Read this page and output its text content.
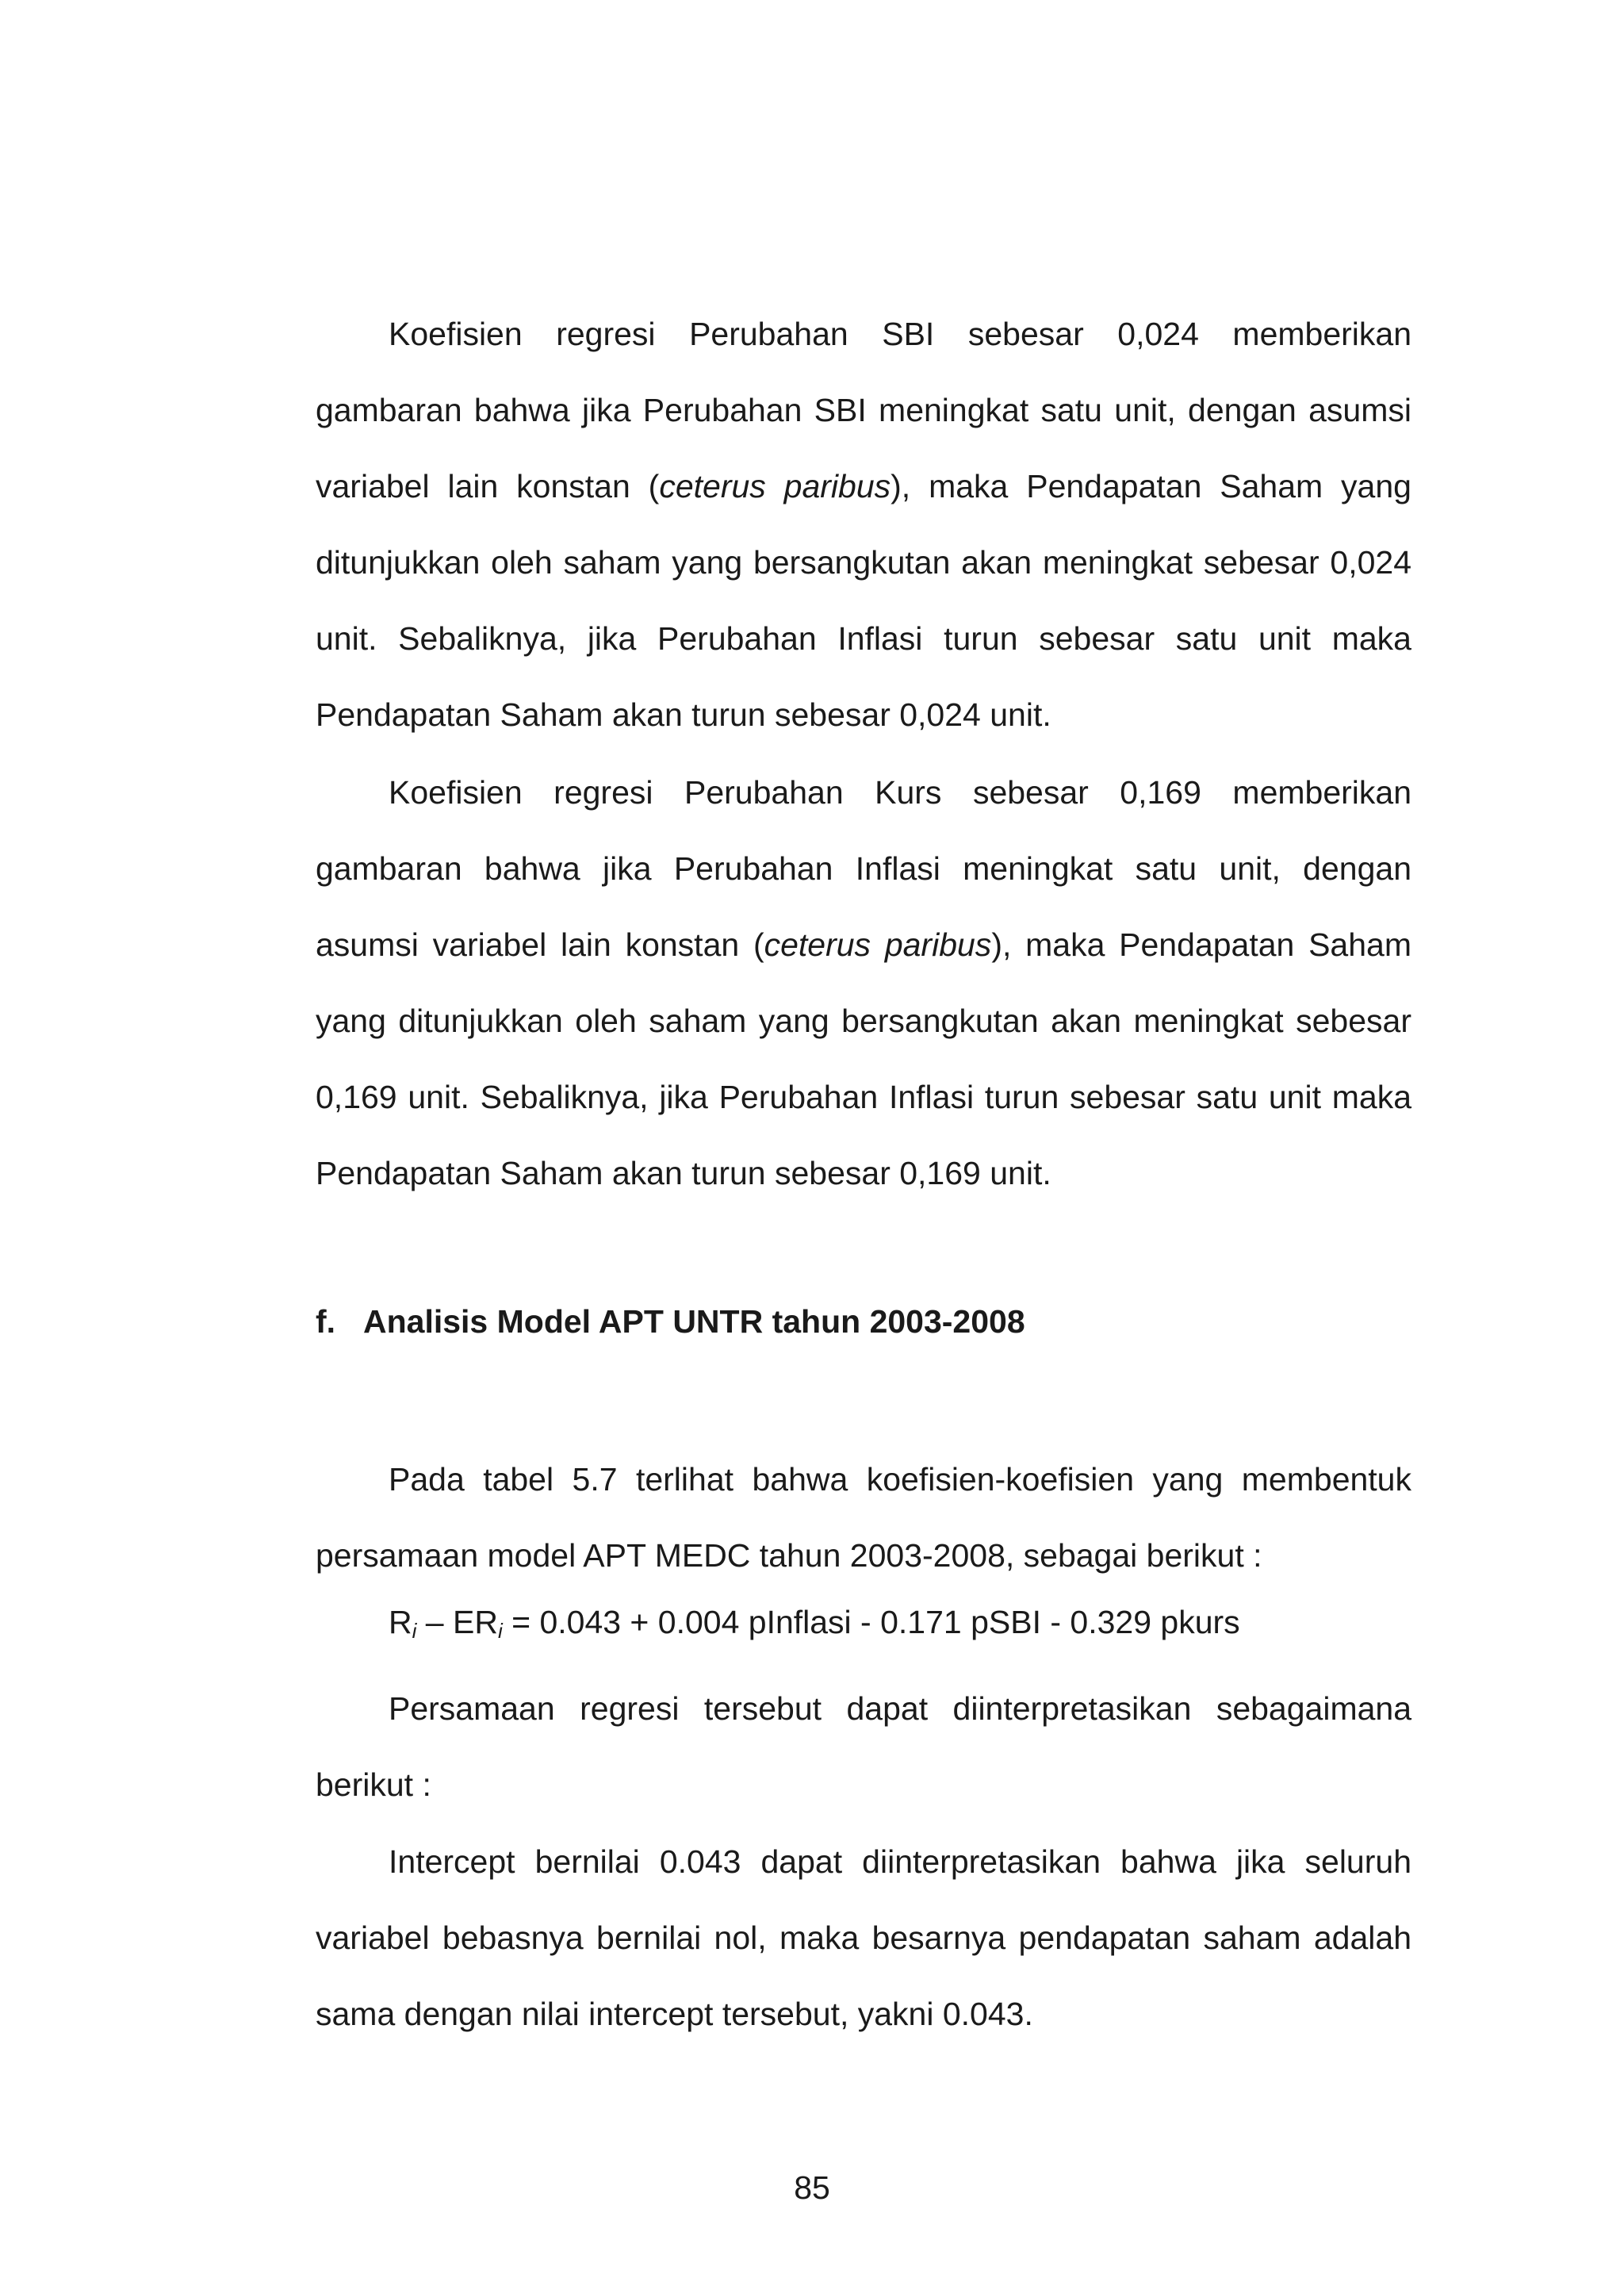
Koefisien regresi Perubahan SBI sebesar 0,024 memberikan gambaran bahwa jika Perubahan SBI meningkat satu unit, dengan asumsi variabel lain konstan (ceterus paribus), maka Pendapatan Saham yang ditunjukkan oleh saham yang bersangkutan akan meningkat sebesar 0,024 unit. Sebaliknya, jika Perubahan Inflasi turun sebesar satu unit maka Pendapatan Saham akan turun sebesar 0,024 unit.

Koefisien regresi Perubahan Kurs sebesar 0,169 memberikan gambaran bahwa jika Perubahan Inflasi meningkat satu unit, dengan asumsi variabel lain konstan (ceterus paribus), maka Pendapatan Saham yang ditunjukkan oleh saham yang bersangkutan akan meningkat sebesar 0,169 unit. Sebaliknya, jika Perubahan Inflasi turun sebesar satu unit maka Pendapatan Saham akan turun sebesar 0,169 unit.

f. Analisis Model APT UNTR tahun 2003-2008

Pada tabel 5.7 terlihat bahwa koefisien-koefisien yang membentuk persamaan model APT MEDC tahun 2003-2008, sebagai berikut :

$R_i - ER_i = 0.043 + 0.004$ pInflasi - 0.171 pSBI - 0.329 pkurs

Persamaan regresi tersebut dapat diinterpretasikan sebagaimana berikut :

Intercept bernilai 0.043 dapat diinterpretasikan bahwa jika seluruh variabel bebasnya bernilai nol, maka besarnya pendapatan saham adalah sama dengan nilai intercept tersebut, yakni 0.043.

85
